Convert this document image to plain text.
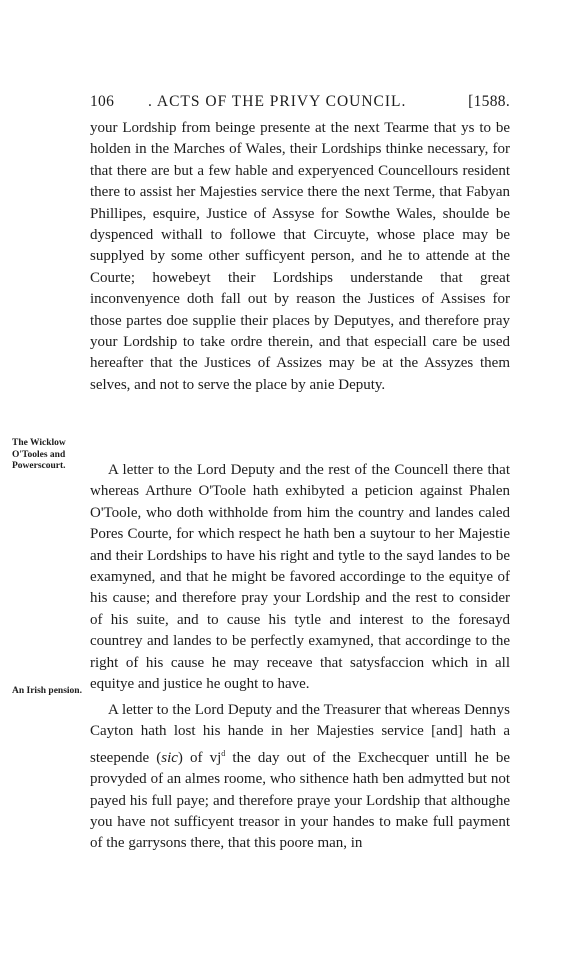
106 . ACTS OF THE PRIVY COUNCIL.	[1588.
The Wicklow O'Tooles and Powerscourt.
An Irish pension.

your Lordship from beinge presente at the next Tearme that ys to be holden in the Marches of Wales, their Lordships thinke necessary, for that there are but a few hable and experyenced Councellours resident there to assist her Majesties service there the next Terme, that Fabyan Phillipes, esquire, Justice of Assyse for Sowthe Wales, shoulde be dyspenced withall to followe that Circuyte, whose place may be supplyed by some other sufficyent person, and he to attende at the Courte; howebeyt their Lordships understande that great inconvenyence doth fall out by reason the Justices of Assises for those partes doe supplie their places by Deputyes, and therefore pray your Lordship to take ordre therein, and that especiall care be used hereafter that the Justices of Assizes may be at the Assyzes them selves, and not to serve the place by anie Deputy.

A letter to the Lord Deputy and the rest of the Councell there that whereas Arthure O'Toole hath exhibyted a peticion against Phalen O'Toole, who doth withholde from him the country and landes caled Pores Courte, for which respect he hath ben a suytour to her Majestie and their Lordships to have his right and tytle to the sayd landes to be examyned, and that he might be favored accordinge to the equitye of his cause; and therefore pray your Lordship and the rest to consider of his suite, and to cause his tytle and interest to the foresayd countrey and landes to be perfectly examyned, that accordinge to the right of his cause he may receave that satysfaccion which in all equitye and justice he ought to have.

A letter to the Lord Deputy and the Treasurer that whereas Dennys Cayton hath lost his hande in her Majesties service [and] hath a steepende (sic) of $vj^d$ the day out of the Exchecquer untill he be provyded of an almes roome, who sithence hath ben admytted but not payed his full paye; and therefore praye your Lordship that althoughe you have not sufficyent treasor in your handes to make full payment of the garrysons there, that this poore man, in
